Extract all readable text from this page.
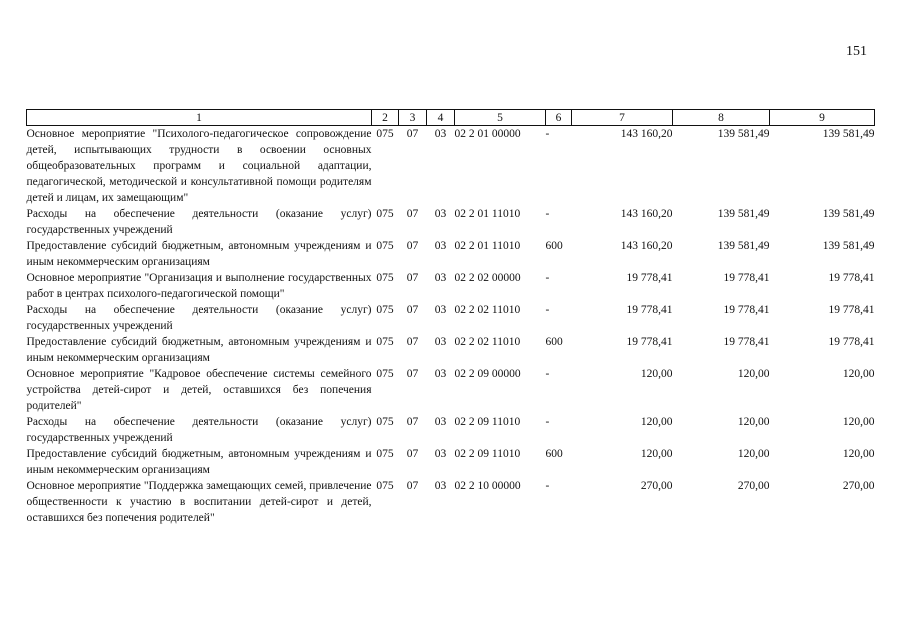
151
1	2	3	4	5	6	7	8	9
Основное мероприятие "Психолого-педагогическое сопровождение детей, испытывающих трудности в освоении основных общеобразовательных программ и социальной адаптации, педагогической, методической и консультативной помощи родителям детей и лицам, их замещающим"	075	07	03	02 2 01 00000	-	143 160,20	139 581,49	139 581,49
Расходы на обеспечение деятельности (оказание услуг) государственных учреждений	075	07	03	02 2 01 11010	-	143 160,20	139 581,49	139 581,49
Предоставление субсидий бюджетным, автономным учреждениям и иным некоммерческим организациям	075	07	03	02 2 01 11010	600	143 160,20	139 581,49	139 581,49
Основное мероприятие "Организация и выполнение государственных работ в центрах психолого-педагогической помощи"	075	07	03	02 2 02 00000	-	19 778,41	19 778,41	19 778,41
Расходы на обеспечение деятельности (оказание услуг) государственных учреждений	075	07	03	02 2 02 11010	-	19 778,41	19 778,41	19 778,41
Предоставление субсидий бюджетным, автономным учреждениям и иным некоммерческим организациям	075	07	03	02 2 02 11010	600	19 778,41	19 778,41	19 778,41
Основное мероприятие "Кадровое обеспечение системы семейного устройства детей-сирот и детей, оставшихся без попечения родителей"	075	07	03	02 2 09 00000	-	120,00	120,00	120,00
Расходы на обеспечение деятельности (оказание услуг) государственных учреждений	075	07	03	02 2 09 11010	-	120,00	120,00	120,00
Предоставление субсидий бюджетным, автономным учреждениям и иным некоммерческим организациям	075	07	03	02 2 09 11010	600	120,00	120,00	120,00
Основное мероприятие "Поддержка замещающих семей, привлечение общественности к участию в воспитании детей-сирот и детей, оставшихся без попечения родителей"	075	07	03	02 2 10 00000	-	270,00	270,00	270,00
